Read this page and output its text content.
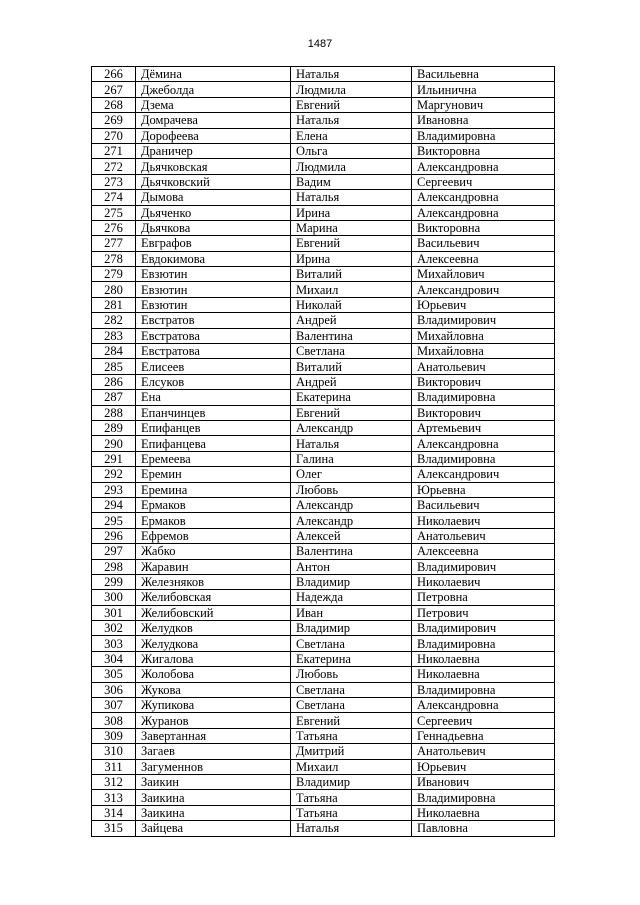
1487
266	Дёмина	Наталья	Васильевна
267	Джеболда	Людмила	Ильинична
268	Дзема	Евгений	Маргунович
269	Домрачева	Наталья	Ивановна
270	Дорофеева	Елена	Владимировна
271	Драничер	Ольга	Викторовна
272	Дьячковская	Людмила	Александровна
273	Дьячковский	Вадим	Сергеевич
274	Дымова	Наталья	Александровна
275	Дьяченко	Ирина	Александровна
276	Дьячкова	Марина	Викторовна
277	Евграфов	Евгений	Васильевич
278	Евдокимова	Ирина	Алексеевна
279	Евзютин	Виталий	Михайлович
280	Евзютин	Михаил	Александрович
281	Евзютин	Николай	Юрьевич
282	Евстратов	Андрей	Владимирович
283	Евстратова	Валентина	Михайловна
284	Евстратова	Светлана	Михайловна
285	Елисеев	Виталий	Анатольевич
286	Елсуков	Андрей	Викторович
287	Ена	Екатерина	Владимировна
288	Епанчинцев	Евгений	Викторович
289	Епифанцев	Александр	Артемьевич
290	Епифанцева	Наталья	Александровна
291	Еремеева	Галина	Владимировна
292	Еремин	Олег	Александрович
293	Еремина	Любовь	Юрьевна
294	Ермаков	Александр	Васильевич
295	Ермаков	Александр	Николаевич
296	Ефремов	Алексей	Анатольевич
297	Жабко	Валентина	Алексеевна
298	Жаравин	Антон	Владимирович
299	Железняков	Владимир	Николаевич
300	Желибовская	Надежда	Петровна
301	Желибовский	Иван	Петрович
302	Желудков	Владимир	Владимирович
303	Желудкова	Светлана	Владимировна
304	Жигалова	Екатерина	Николаевна
305	Жолобова	Любовь	Николаевна
306	Жукова	Светлана	Владимировна
307	Жупикова	Светлана	Александровна
308	Журанов	Евгений	Сергеевич
309	Завертанная	Татьяна	Геннадьевна
310	Загаев	Дмитрий	Анатольевич
311	Загуменнов	Михаил	Юрьевич
312	Заикин	Владимир	Иванович
313	Заикина	Татьяна	Владимировна
314	Заикина	Татьяна	Николаевна
315	Зайцева	Наталья	Павловна
